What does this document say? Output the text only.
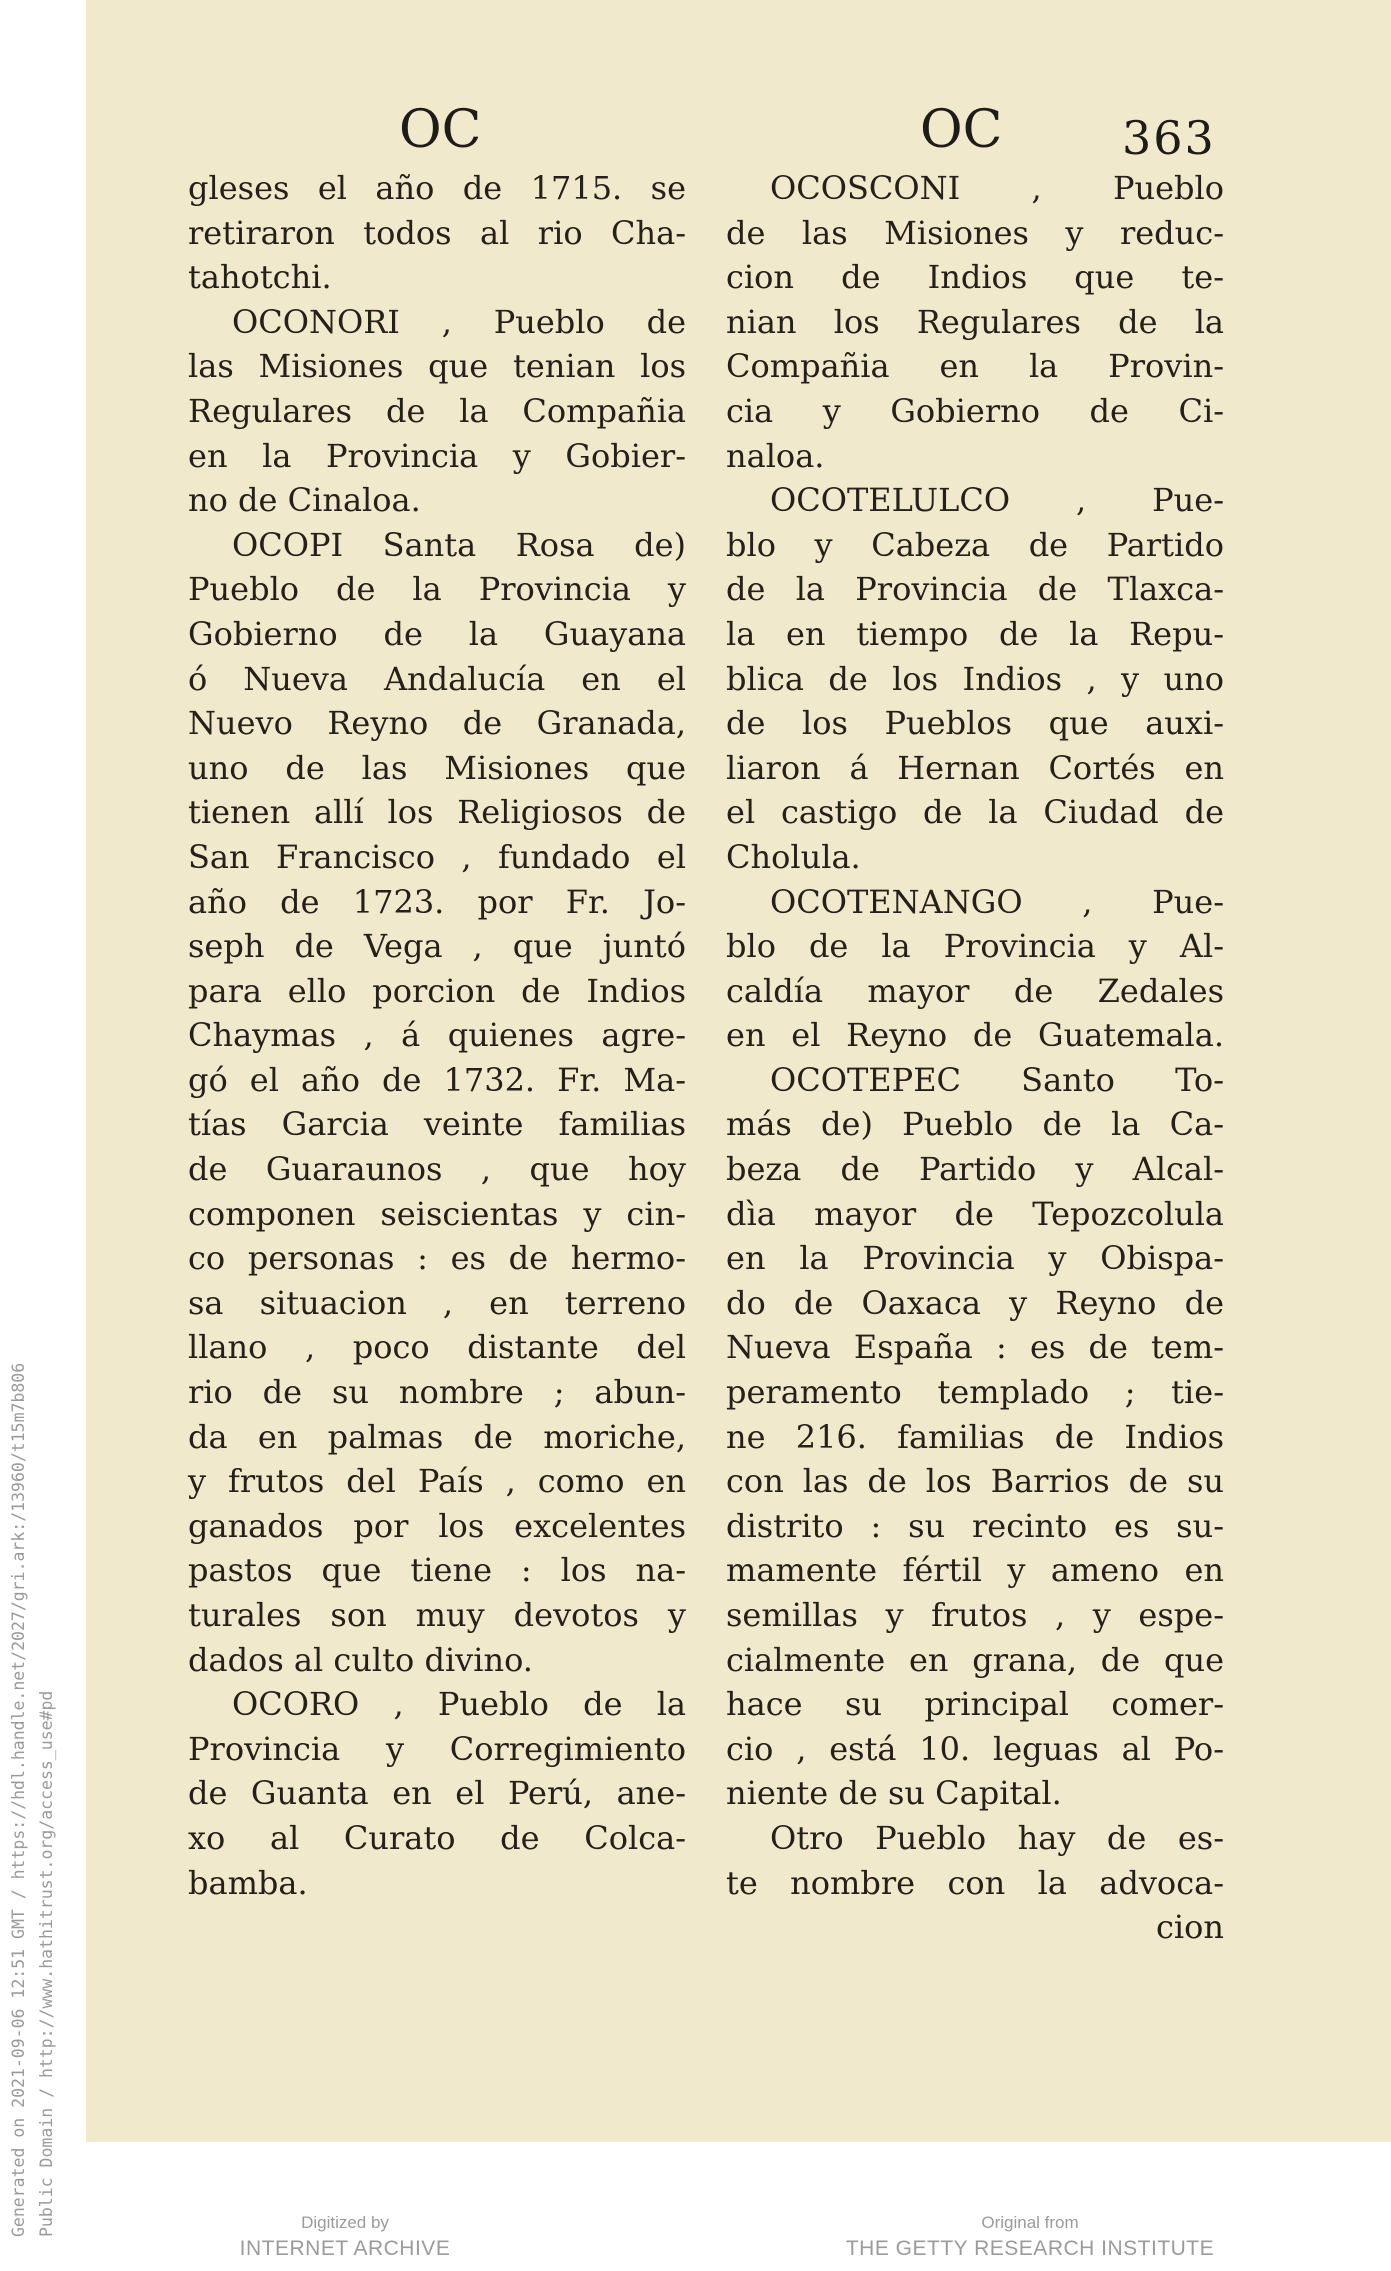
Generated on 2021-09-06 12:51 GMT / https://hdl.handle.net/2027/gri.ark:/13960/t15m7b806 Public Domain / http://www.hathitrust.org/access_use#pd
OC	OC	363
gleses el año de 1715. se
retiraron todos al rio Cha-
tahotchi.
OCONORI , Pueblo de
las Misiones que tenian los
Regulares de la Compañia
en la Provincia y Gobier-
no de Cinaloa.
OCOPI Santa Rosa de)
Pueblo de la Provincia y
Gobierno de la Guayana
ó Nueva Andalucía en el
Nuevo Reyno de Granada,
uno de las Misiones que
tienen allí los Religiosos de
San Francisco , fundado el
año de 1723. por Fr. Jo-
seph de Vega , que juntó
para ello porcion de Indios
Chaymas , á quienes agre-
gó el año de 1732. Fr. Ma-
tías Garcia veinte familias
de Guaraunos , que hoy
componen seiscientas y cin-
co personas : es de hermo-
sa situacion , en terreno
llano , poco distante del
rio de su nombre ; abun-
da en palmas de moriche,
y frutos del País , como en
ganados por los excelentes
pastos que tiene : los na-
turales son muy devotos y
dados al culto divino.
OCORO , Pueblo de la
Provincia y Corregimiento
de Guanta en el Perú, ane-
xo al Curato de Colca-
bamba.
OCOSCONI , Pueblo
de las Misiones y reduc-
cion de Indios que te-
nian los Regulares de la
Compañia en la Provin-
cia y Gobierno de Ci-
naloa.
OCOTELULCO , Pue-
blo y Cabeza de Partido
de la Provincia de Tlaxca-
la en tiempo de la Repu-
blica de los Indios , y uno
de los Pueblos que auxi-
liaron á Hernan Cortés en
el castigo de la Ciudad de
Cholula.
OCOTENANGO , Pue-
blo de la Provincia y Al-
caldía mayor de Zedales
en el Reyno de Guatemala.
OCOTEPEC Santo To-
más de) Pueblo de la Ca-
beza de Partido y Alcal-
dìa mayor de Tepozcolula
en la Provincia y Obispa-
do de Oaxaca y Reyno de
Nueva España : es de tem-
peramento templado ; tie-
ne 216. familias de Indios
con las de los Barrios de su
distrito : su recinto es su-
mamente fértil y ameno en
semillas y frutos , y espe-
cialmente en grana, de que
hace su principal comer-
cio , está 10. leguas al Po-
niente de su Capital.
Otro Pueblo hay de es-
te nombre con la advoca-
cion
Digitized by
INTERNET ARCHIVE
Original from
THE GETTY RESEARCH INSTITUTE
